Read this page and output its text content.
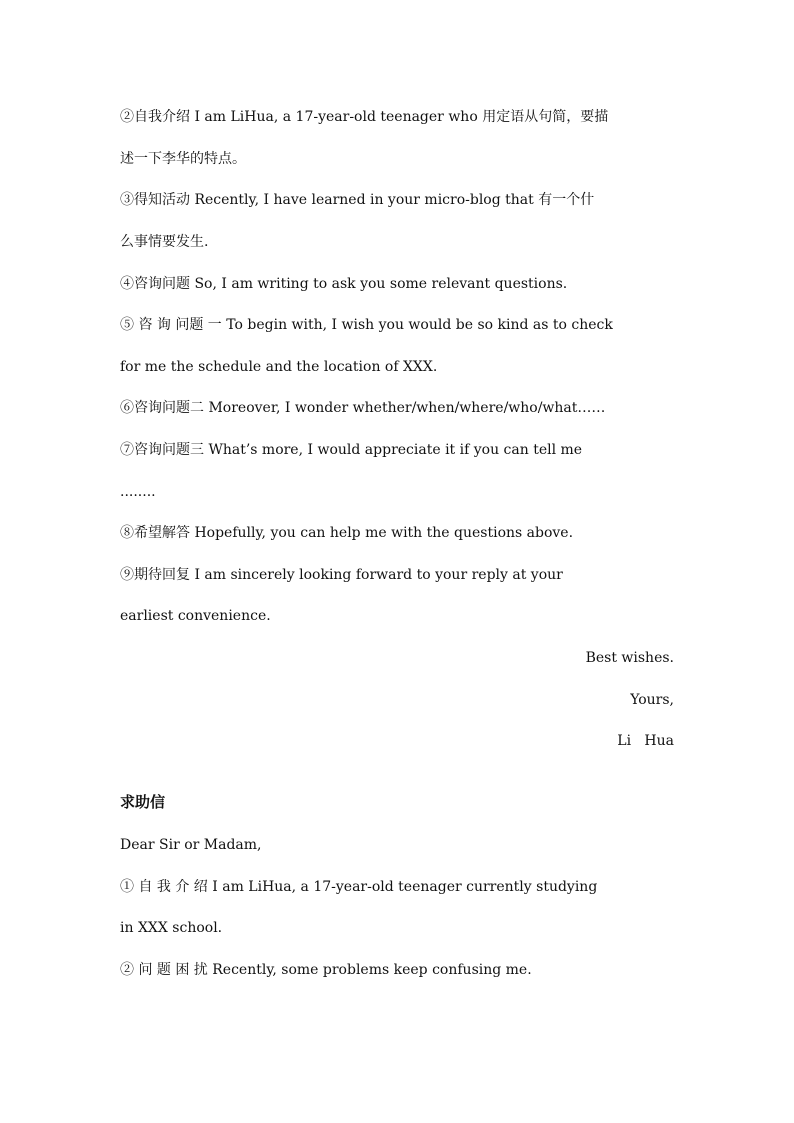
②自我介绍 I am LiHua, a 17-year-old teenager who 用定语从句简，要描
述一下李华的特点。
③得知活动 Recently, I have learned in your micro-blog that 有一个什
么事情要发生.
④咨询问题 So, I am writing to ask you some relevant questions.
⑤ 咨 询 问题 一 To begin with, I wish you would be so kind as to check
for me the schedule and the location of XXX.
⑥咨询问题二 Moreover, I wonder whether/when/where/who/what……
⑦咨询问题三 What’s more, I would appreciate it if you can tell me
........
⑧希望解答 Hopefully, you can help me with the questions above.
⑨期待回复 I am sincerely looking forward to your reply at your
earliest convenience.
Best wishes.
Yours,
Li   Hua
求助信
Dear Sir or Madam,
① 自 我 介 绍 I am LiHua, a 17-year-old teenager currently studying
in XXX school.
② 问 题 困 扰 Recently, some problems keep confusing me.
